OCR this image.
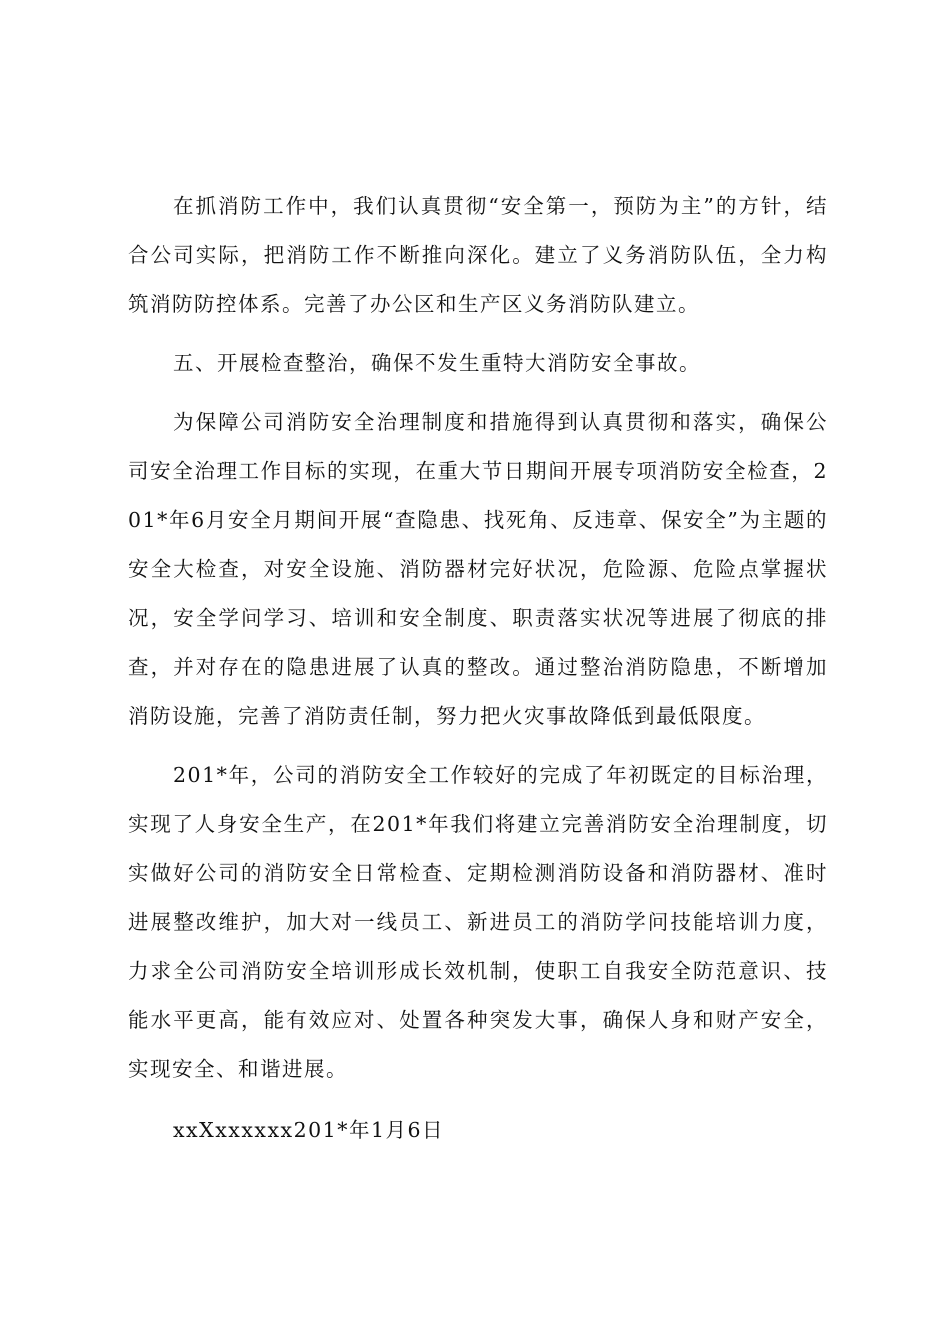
在抓消防工作中，我们认真贯彻“安全第一，预防为主”的方针，结合公司实际，把消防工作不断推向深化。建立了义务消防队伍，全力构筑消防防控体系。完善了办公区和生产区义务消防队建立。

五、开展检查整治，确保不发生重特大消防安全事故。

为保障公司消防安全治理制度和措施得到认真贯彻和落实，确保公司安全治理工作目标的实现，在重大节日期间开展专项消防安全检查，201*年6月安全月期间开展“查隐患、找死角、反违章、保安全”为主题的安全大检查，对安全设施、消防器材完好状况，危险源、危险点掌握状况，安全学问学习、培训和安全制度、职责落实状况等进展了彻底的排查，并对存在的隐患进展了认真的整改。通过整治消防隐患，不断增加消防设施，完善了消防责任制，努力把火灾事故降低到最低限度。

201*年，公司的消防安全工作较好的完成了年初既定的目标治理，实现了人身安全生产，在201*年我们将建立完善消防安全治理制度，切实做好公司的消防安全日常检查、定期检测消防设备和消防器材、准时进展整改维护，加大对一线员工、新进员工的消防学问技能培训力度，力求全公司消防安全培训形成长效机制，使职工自我安全防范意识、技能水平更高，能有效应对、处置各种突发大事，确保人身和财产安全，实现安全、和谐进展。

xxXxxxxxx201*年1月6日
